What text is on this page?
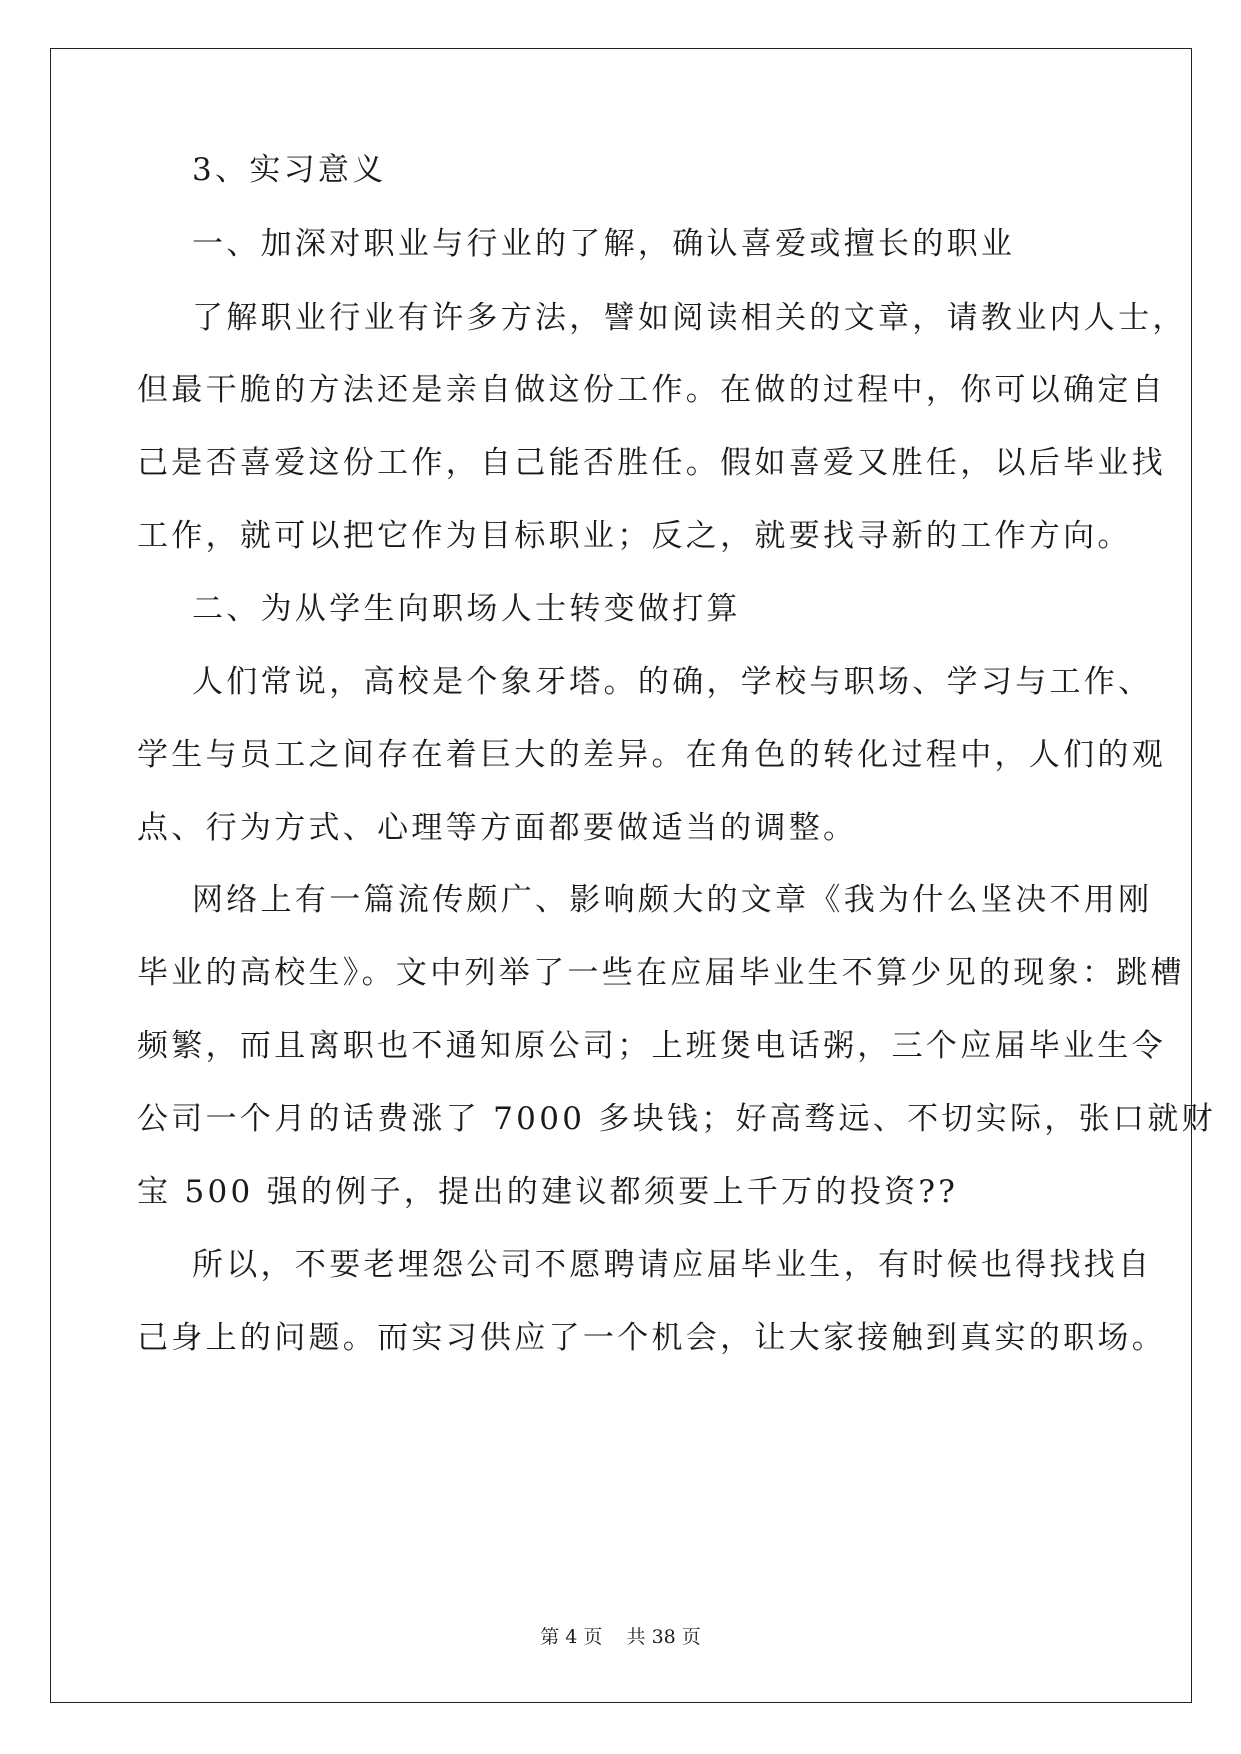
3、实习意义
一、加深对职业与行业的了解，确认喜爱或擅长的职业
了解职业行业有许多方法，譬如阅读相关的文章，请教业内人士，
但最干脆的方法还是亲自做这份工作。在做的过程中，你可以确定自
己是否喜爱这份工作，自己能否胜任。假如喜爱又胜任，以后毕业找
工作，就可以把它作为目标职业；反之，就要找寻新的工作方向。
二、为从学生向职场人士转变做打算
人们常说，高校是个象牙塔。的确，学校与职场、学习与工作、
学生与员工之间存在着巨大的差异。在角色的转化过程中，人们的观
点、行为方式、心理等方面都要做适当的调整。
网络上有一篇流传颇广、影响颇大的文章《我为什么坚决不用刚
毕业的高校生》。文中列举了一些在应届毕业生不算少见的现象：跳槽
频繁，而且离职也不通知原公司；上班煲电话粥，三个应届毕业生令
公司一个月的话费涨了 7000 多块钱；好高骛远、不切实际，张口就财
宝 500 强的例子，提出的建议都须要上千万的投资??
所以，不要老埋怨公司不愿聘请应届毕业生，有时候也得找找自
己身上的问题。而实习供应了一个机会，让大家接触到真实的职场。
第 4 页    共 38 页
